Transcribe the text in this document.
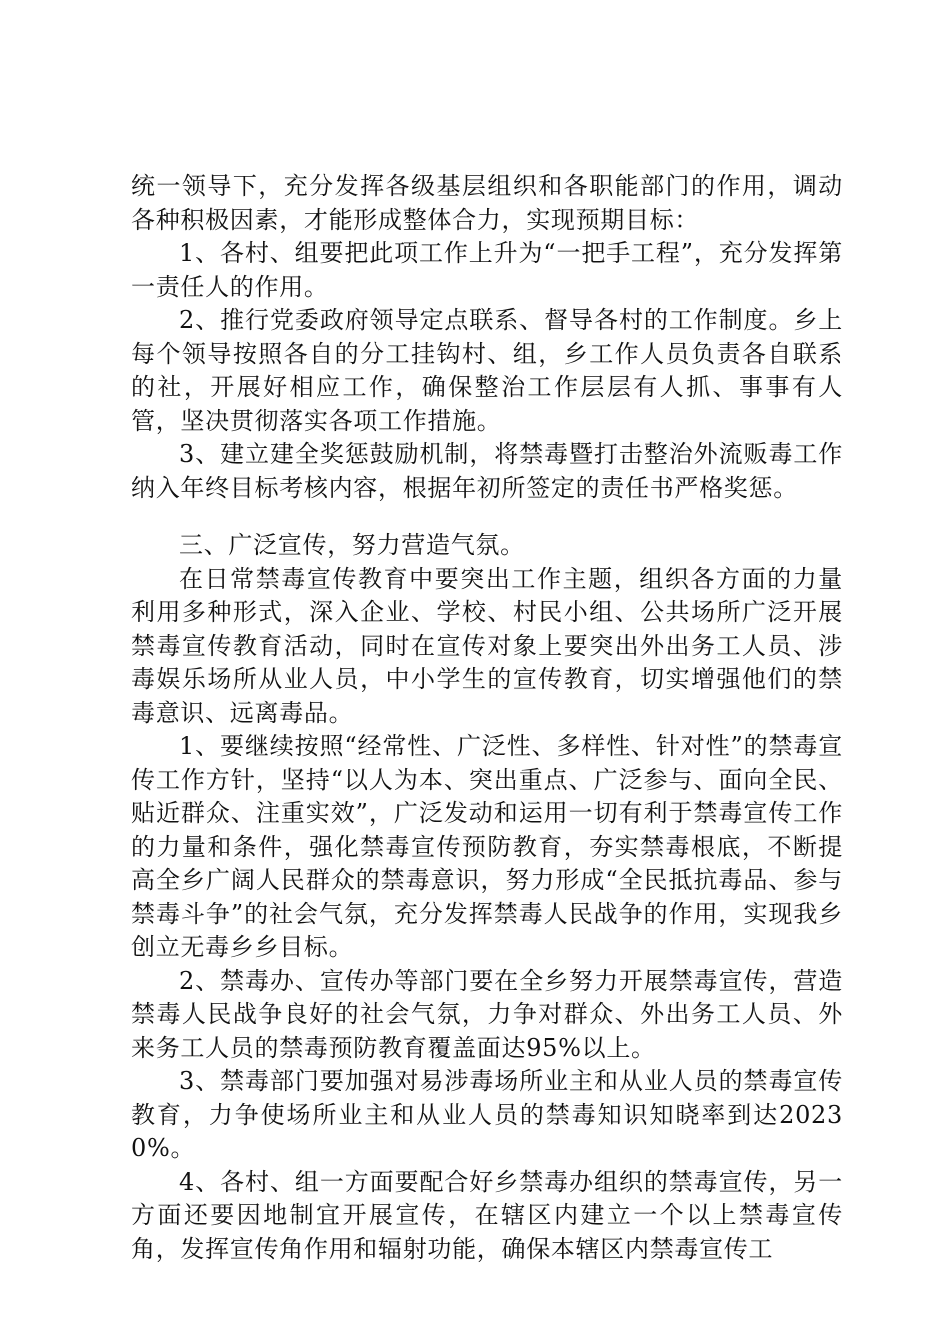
统一领导下，充分发挥各级基层组织和各职能部门的作用，调动各种积极因素，才能形成整体合力，实现预期目标：

1、各村、组要把此项工作上升为“一把手工程”，充分发挥第一责任人的作用。

2、推行党委政府领导定点联系、督导各村的工作制度。乡上每个领导按照各自的分工挂钩村、组，乡工作人员负责各自联系的社，开展好相应工作，确保整治工作层层有人抓、事事有人管，坚决贯彻落实各项工作措施。

3、建立建全奖惩鼓励机制，将禁毒暨打击整治外流贩毒工作纳入年终目标考核内容，根据年初所签定的责任书严格奖惩。

三、广泛宣传，努力营造气氛。

在日常禁毒宣传教育中要突出工作主题，组织各方面的力量利用多种形式，深入企业、学校、村民小组、公共场所广泛开展禁毒宣传教育活动，同时在宣传对象上要突出外出务工人员、涉毒娱乐场所从业人员，中小学生的宣传教育，切实增强他们的禁毒意识、远离毒品。

1、要继续按照“经常性、广泛性、多样性、针对性”的禁毒宣传工作方针，坚持“以人为本、突出重点、广泛参与、面向全民、贴近群众、注重实效”，广泛发动和运用一切有利于禁毒宣传工作的力量和条件，强化禁毒宣传预防教育，夯实禁毒根底，不断提高全乡广阔人民群众的禁毒意识，努力形成“全民抵抗毒品、参与禁毒斗争”的社会气氛，充分发挥禁毒人民战争的作用，实现我乡创立无毒乡乡目标。

2、禁毒办、宣传办等部门要在全乡努力开展禁毒宣传，营造禁毒人民战争良好的社会气氛，力争对群众、外出务工人员、外来务工人员的禁毒预防教育覆盖面达95%以上。

3、禁毒部门要加强对易涉毒场所业主和从业人员的禁毒宣传教育，力争使场所业主和从业人员的禁毒知识知晓率到达20230%。

4、各村、组一方面要配合好乡禁毒办组织的禁毒宣传，另一方面还要因地制宜开展宣传，在辖区内建立一个以上禁毒宣传角，发挥宣传角作用和辐射功能，确保本辖区内禁毒宣传工
